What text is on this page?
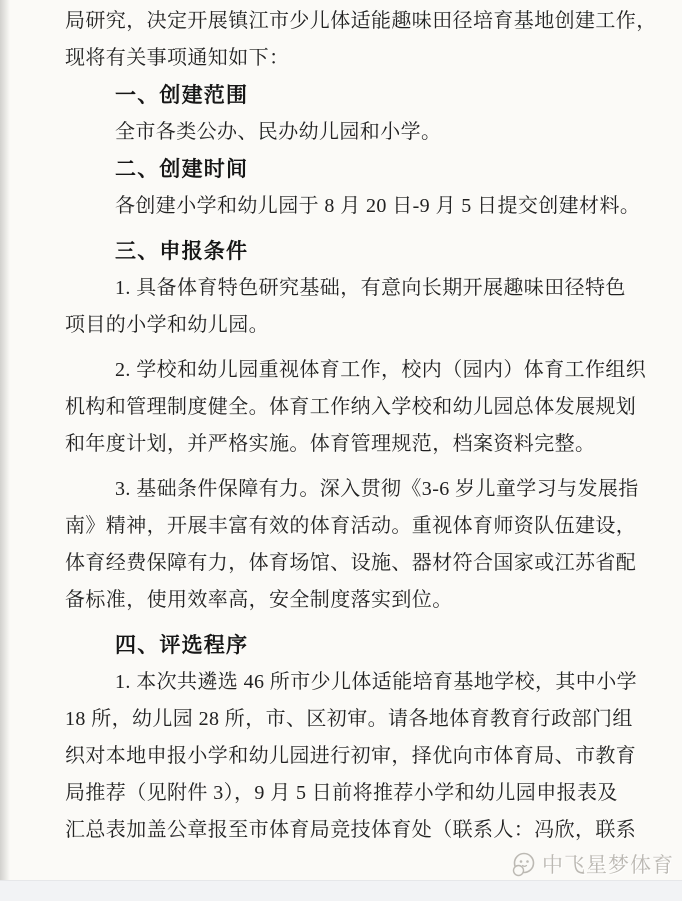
局研究，决定开展镇江市少儿体适能趣味田径培育基地创建工作，
现将有关事项通知如下：
一、创建范围
全市各类公办、民办幼儿园和小学。
二、创建时间
各创建小学和幼儿园于 8 月 20 日-9 月 5 日提交创建材料。
三、申报条件
1. 具备体育特色研究基础，有意向长期开展趣味田径特色
项目的小学和幼儿园。
2. 学校和幼儿园重视体育工作，校内（园内）体育工作组织
机构和管理制度健全。体育工作纳入学校和幼儿园总体发展规划
和年度计划，并严格实施。体育管理规范，档案资料完整。
3. 基础条件保障有力。深入贯彻《3-6 岁儿童学习与发展指
南》精神，开展丰富有效的体育活动。重视体育师资队伍建设，
体育经费保障有力，体育场馆、设施、器材符合国家或江苏省配
备标准，使用效率高，安全制度落实到位。
四、评选程序
1. 本次共遴选 46 所市少儿体适能培育基地学校，其中小学
18 所，幼儿园 28 所，市、区初审。请各地体育教育行政部门组
织对本地申报小学和幼儿园进行初审，择优向市体育局、市教育
局推荐（见附件 3），9 月 5 日前将推荐小学和幼儿园申报表及
汇总表加盖公章报至市体育局竞技体育处（联系人：冯欣，联系
中飞星梦体育
